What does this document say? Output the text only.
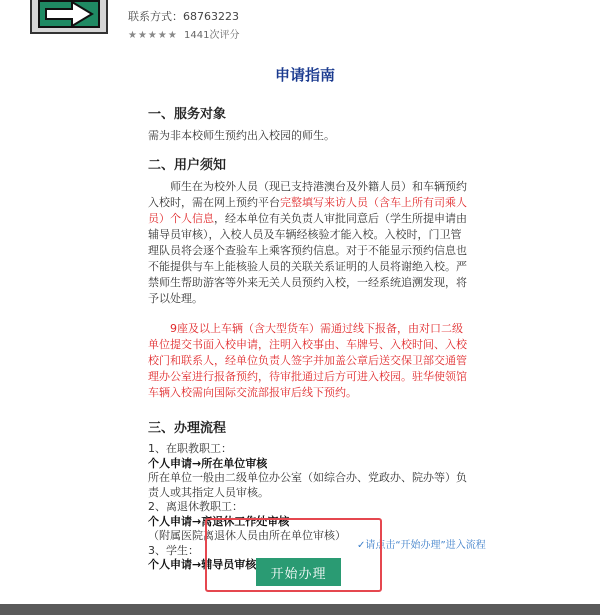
联系方式：68763223
★★★★★ 1441次评分
申请指南
一、服务对象
需为非本校师生预约出入校园的师生。
二、用户须知
师生在为校外人员（现已支持港澳台及外籍人员）和车辆预约入校时，需在网上预约平台完整填写来访人员（含车上所有司乘人员）个人信息，经本单位有关负责人审批同意后（学生所提申请由辅导员审核），入校人员及车辆经核验才能入校。入校时，门卫管理队员将会逐个查验车上乘客预约信息。对于不能显示预约信息也不能提供与车上能核验人员的关联关系证明的人员将谢绝入校。严禁师生帮助游客等外来无关人员预约入校，一经系统追溯发现，将予以处理。
9座及以上车辆（含大型货车）需通过线下报备，由对口二级单位提交书面入校申请，注明入校事由、车牌号、入校时间、入校校门和联系人，经单位负责人签字并加盖公章后送交保卫部交通管理办公室进行报备预约，待审批通过后方可进入校园。驻华使领馆车辆入校需向国际交流部报审后线下预约。
三、办理流程
1、在职教职工：
个人申请→所在单位审核
所在单位一般由二级单位办公室（如综合办、党政办、院办等）负责人或其指定人员审核。
2、离退休教职工：
个人申请→离退休工作处审核
（附属医院离退休人员由所在单位审核）
3、学生：
个人申请→辅导员审核
✓请点击“开始办理”进入流程
开始办理
